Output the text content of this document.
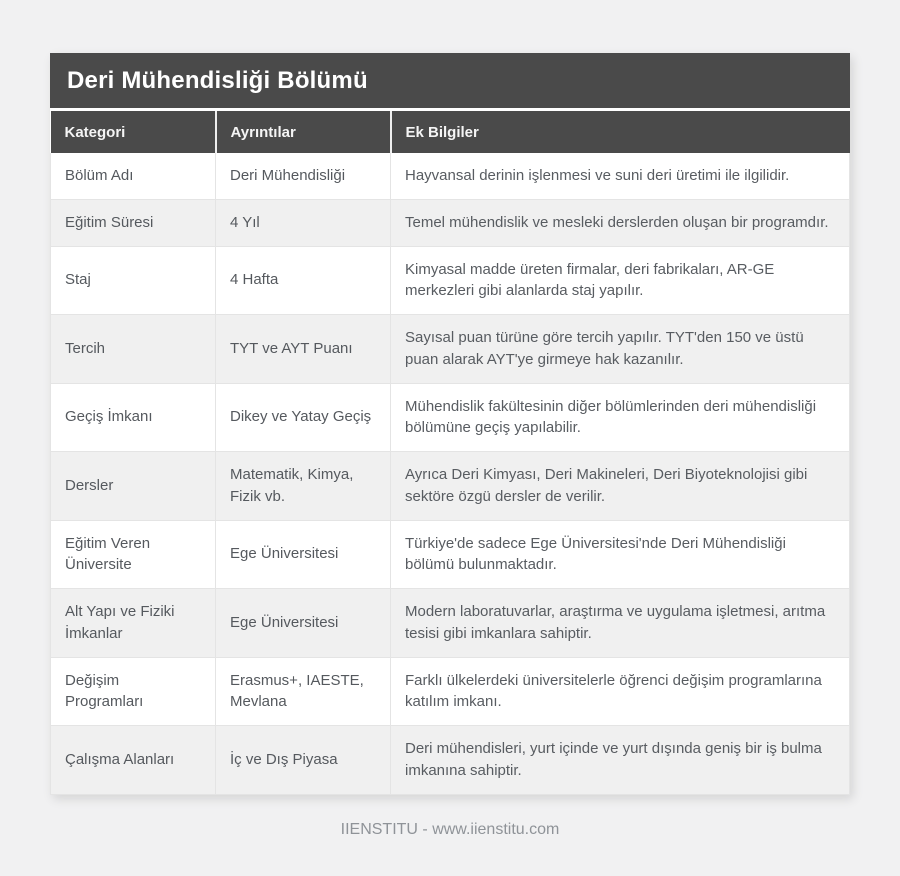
Deri Mühendisliği Bölümü
Kategori	Ayrıntılar	Ek Bilgiler
Bölüm Adı	Deri Mühendisliği	Hayvansal derinin işlenmesi ve suni deri üretimi ile ilgilidir.
Eğitim Süresi	4 Yıl	Temel mühendislik ve mesleki derslerden oluşan bir programdır.
Staj	4 Hafta	Kimyasal madde üreten firmalar, deri fabrikaları, AR-GE merkezleri gibi alanlarda staj yapılır.
Tercih	TYT ve AYT Puanı	Sayısal puan türüne göre tercih yapılır. TYT'den 150 ve üstü puan alarak AYT'ye girmeye hak kazanılır.
Geçiş İmkanı	Dikey ve Yatay Geçiş	Mühendislik fakültesinin diğer bölümlerinden deri mühendisliği bölümüne geçiş yapılabilir.
Dersler	Matematik, Kimya, Fizik vb.	Ayrıca Deri Kimyası, Deri Makineleri, Deri Biyoteknolojisi gibi sektöre özgü dersler de verilir.
Eğitim Veren Üniversite	Ege Üniversitesi	Türkiye'de sadece Ege Üniversitesi'nde Deri Mühendisliği bölümü bulunmaktadır.
Alt Yapı ve Fiziki İmkanlar	Ege Üniversitesi	Modern laboratuvarlar, araştırma ve uygulama işletmesi, arıtma tesisi gibi imkanlara sahiptir.
Değişim Programları	Erasmus+, IAESTE, Mevlana	Farklı ülkelerdeki üniversitelerle öğrenci değişim programlarına katılım imkanı.
Çalışma Alanları	İç ve Dış Piyasa	Deri mühendisleri, yurt içinde ve yurt dışında geniş bir iş bulma imkanına sahiptir.
IIENSTITU - www.iienstitu.com
